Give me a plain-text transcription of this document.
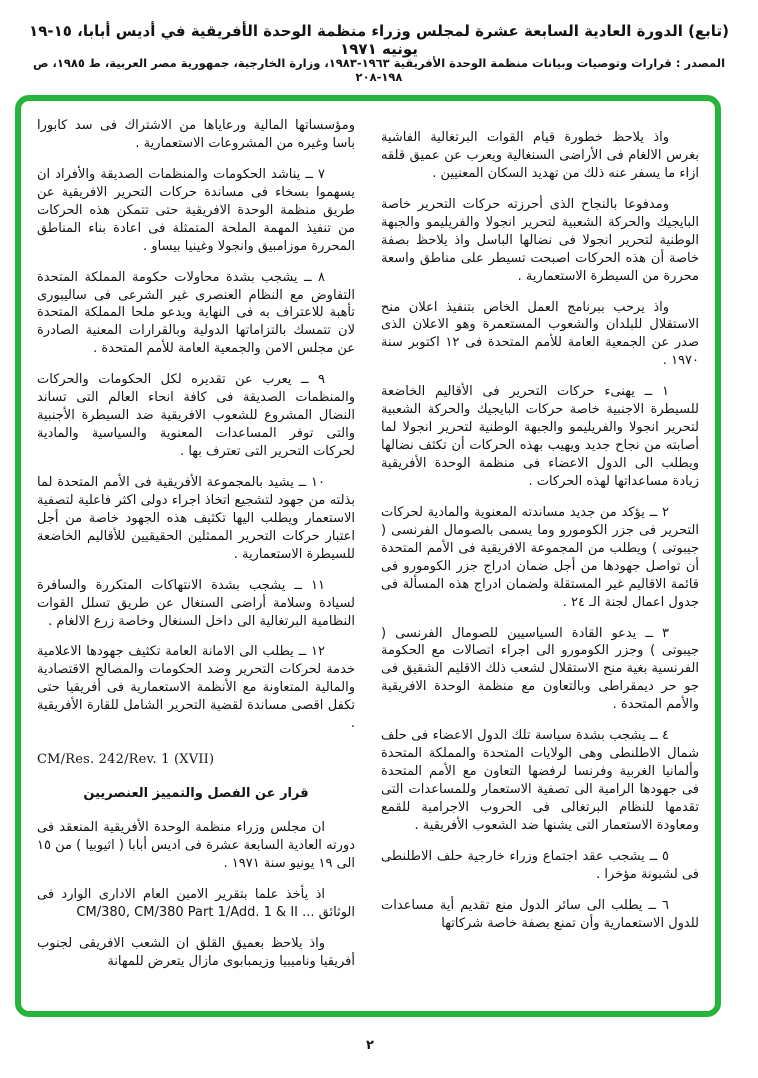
(تابع) الدورة العادية السابعة عشرة لمجلس وزراء منظمة الوحدة الأفريقية في أديس أبابا، ١٥-١٩ يونيه ١٩٧١
المصدر : قرارات وتوصيات وبيانات منظمة الوحدة الأفريقية ١٩٦٣-١٩٨٣، وزارة الخارجية، جمهورية مصر العربية، ط ١٩٨٥، ص ١٩٨-٢٠٨

واذ يلاحظ خطورة قيام القوات البرتغالية الفاشية بغرس الالغام فى الأراضى السنغالية ويعرب عن عميق قلقه ازاء ما يسفر عنه ذلك من تهديد السكان المعنيين .

ومدفوعا بالنجاح الذى أحرزته حركات التحرير خاصة البايجيك والحركة الشعبية لتحرير انجولا والفريليمو والجبهة الوطنية لتحرير انجولا فى نضالها الباسل واذ يلاحظ بصفة خاصة أن هذه الحركات اصبحت تسيطر على مناطق واسعة محررة من السيطرة الاستعمارية .

واذ يرحب ببرنامج العمل الخاص بتنفيذ اعلان منح الاستقلال للبلدان والشعوب المستعمرة وهو الاعلان الذى صدر عن الجمعية العامة للأمم المتحدة فى ١٢ اكتوبر سنة ١٩٧٠ .

١ ــ يهنىء حركات التحرير فى الأقاليم الخاضعة للسيطرة الاجنبية خاصة حركات البايجيك والحركة الشعبية لتحرير انجولا والفريليمو والجبهة الوطنية لتحرير انجولا لما أصابته من نجاح جديد ويهيب بهذه الحركات أن تكثف نضالها ويطلب الى الدول الاعضاء فى منظمة الوحدة الأفريقية زيادة مساعداتها لهذه الحركات .

٢ ــ يؤكد من جديد مساندته المعنوية والمادية لحركات التحرير فى جزر الكومورو وما يسمى بالصومال الفرنسى ( جيبوتى ) ويطلب من المجموعة الافريقية فى الأمم المتحدة أن تواصل جهودها من أجل ضمان ادراج جزر الكومورو فى قائمة الاقاليم غير المستقلة ولضمان ادراج هذه المسألة فى جدول اعمال لجنة الـ ٢٤ .

٣ ــ يدعو القادة السياسيين للصومال الفرنسى ( جيبوتى ) وجزر الكومورو الى اجراء اتصالات مع الحكومة الفرنسية بغية منح الاستقلال لشعب ذلك الاقليم الشقيق فى جو حر ديمقراطى وبالتعاون مع منظمة الوحدة الافريقية والأمم المتحدة .

٤ ــ يشجب بشدة سياسة تلك الدول الاعضاء فى حلف شمال الاطلنطى وهى الولايات المتحدة والمملكة المتحدة وألمانيا الغربية وفرنسا لرفضها التعاون مع الأمم المتحدة فى جهودها الرامية الى تصفية الاستعمار وللمساعدات التى تقدمها للنظام البرتغالى فى الحروب الاجرامية للقمع ومعاودة الاستعمار التى يشنها ضد الشعوب الأفريقية .

٥ ــ يشجب عقد اجتماع وزراء خارجية حلف الاطلنطى فى لشبونة مؤخرا .

٦ ــ يطلب الى سائر الدول منع تقديم أية مساعدات للدول الاستعمارية وأن تمنع بصفة خاصة شركاتها

ومؤسساتها المالية ورعاياها من الاشتراك فى سد كابورا باسا وغيره من المشروعات الاستعمارية .

٧ ــ يناشد الحكومات والمنظمات الصديقة والأفراد ان يسهموا بسخاء فى مساندة حركات التحرير الافريقية عن طريق منظمة الوحدة الافريقية حتى تتمكن هذه الحركات من تنفيذ المهمة الملحة المتمثلة فى اعادة بناء المناطق المحررة موزامبيق وانجولا وغينيا بيساو .

٨ ــ يشجب بشدة محاولات حكومة المملكة المتحدة التفاوض مع النظام العنصرى غير الشرعى فى ساليبورى تأهبة للاعتراف به فى النهاية ويدعو ملحا المملكة المتحدة لان تتمسك بالتزاماتها الدولية وبالقرارات المعنية الصادرة عن مجلس الامن والجمعية العامة للأمم المتحدة .

٩ ــ يعرب عن تقديره لكل الحكومات والحركات والمنظمات الصديقة فى كافة انحاء العالم التى تساند النضال المشروع للشعوب الافريقية ضد السيطرة الأجنبية والتى توفر المساعدات المعنوية والسياسية والمادية لحركات التحرير التى تعترف بها .

١٠ ــ يشيد بالمجموعة الأفريقية فى الأمم المتحدة لما بذلته من جهود لتشجيع اتخاذ اجراء دولى اكثر فاعلية لتصفية الاستعمار ويطلب اليها تكثيف هذه الجهود خاصة من أجل اعتبار حركات التحرير الممثلين الحقيقيين للأقاليم الخاضعة للسيطرة الاستعمارية .

١١ ــ يشجب بشدة الانتهاكات المتكررة والسافرة لسيادة وسلامة أراضى السنغال عن طريق تسلل القوات النظامية البرتغالية الى داخل السنغال وخاصة زرع الالغام .

١٢ ــ يطلب الى الامانة العامة تكثيف جهودها الاعلامية خدمة لحركات التحرير وضد الحكومات والمصالح الاقتصادية والمالية المتعاونة مع الأنظمة الاستعمارية فى أفريقيا حتى تكفل اقصى مساندة لقضية التحرير الشامل للقارة الأفريقية .

CM/Res. 242/Rev. 1 (XVII)

قرار عن الفصل والتمييز العنصريين

ان مجلس وزراء منظمة الوحدة الأفريقية المنعقد فى دورته العادية السابعة عشرة فى اديس أبابا ( اثيوبيا ) من ١٥ الى ١٩ يونيو سنة ١٩٧١ .

اذ يأخذ علما بتقرير الامين العام الادارى الوارد فى الوثائق ... CM/380, CM/380 Part 1/Add. 1 & II

واذ يلاحظ بعميق القلق ان الشعب الافريقى لجنوب أفريقيا وناميبيا وزيمبابوى مازال يتعرض للمهانة

٢
